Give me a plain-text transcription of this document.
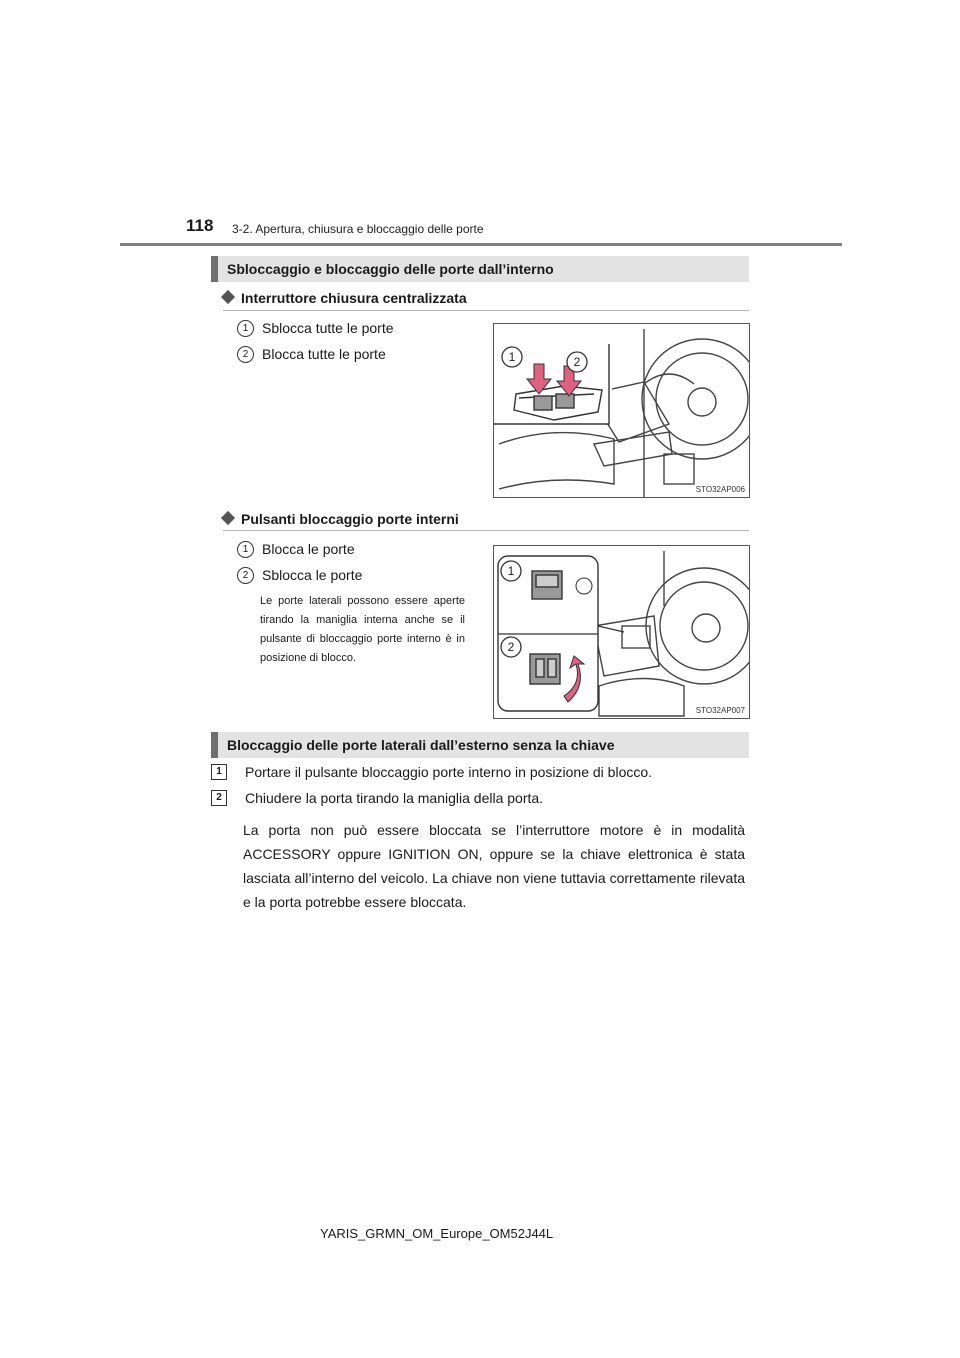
118 3-2. Apertura, chiusura e bloccaggio delle porte
Sbloccaggio e bloccaggio delle porte dall’interno
Interruttore chiusura centralizzata
1 Sblocca tutte le porte
2 Blocca tutte le porte	1	2
STO32AP006
Pulsanti bloccaggio porte interni
1 Blocca le porte
2 Sblocca le porte
Le porte laterali possono essere aperte tirando la maniglia interna anche se il pulsante di bloccaggio porte interno è in posizione di blocco.
1
2
STO32AP007
Bloccaggio delle porte laterali dall’esterno senza la chiave
1 Portare il pulsante bloccaggio porte interno in posizione di blocco.
2 Chiudere la porta tirando la maniglia della porta.
La porta non può essere bloccata se l’interruttore motore è in modalità ACCESSORY oppure IGNITION ON, oppure se la chiave elettronica è stata lasciata all’interno del veicolo. La chiave non viene tuttavia correttamente rilevata e la porta potrebbe essere bloccata.
YARIS_GRMN_OM_Europe_OM52J44L
